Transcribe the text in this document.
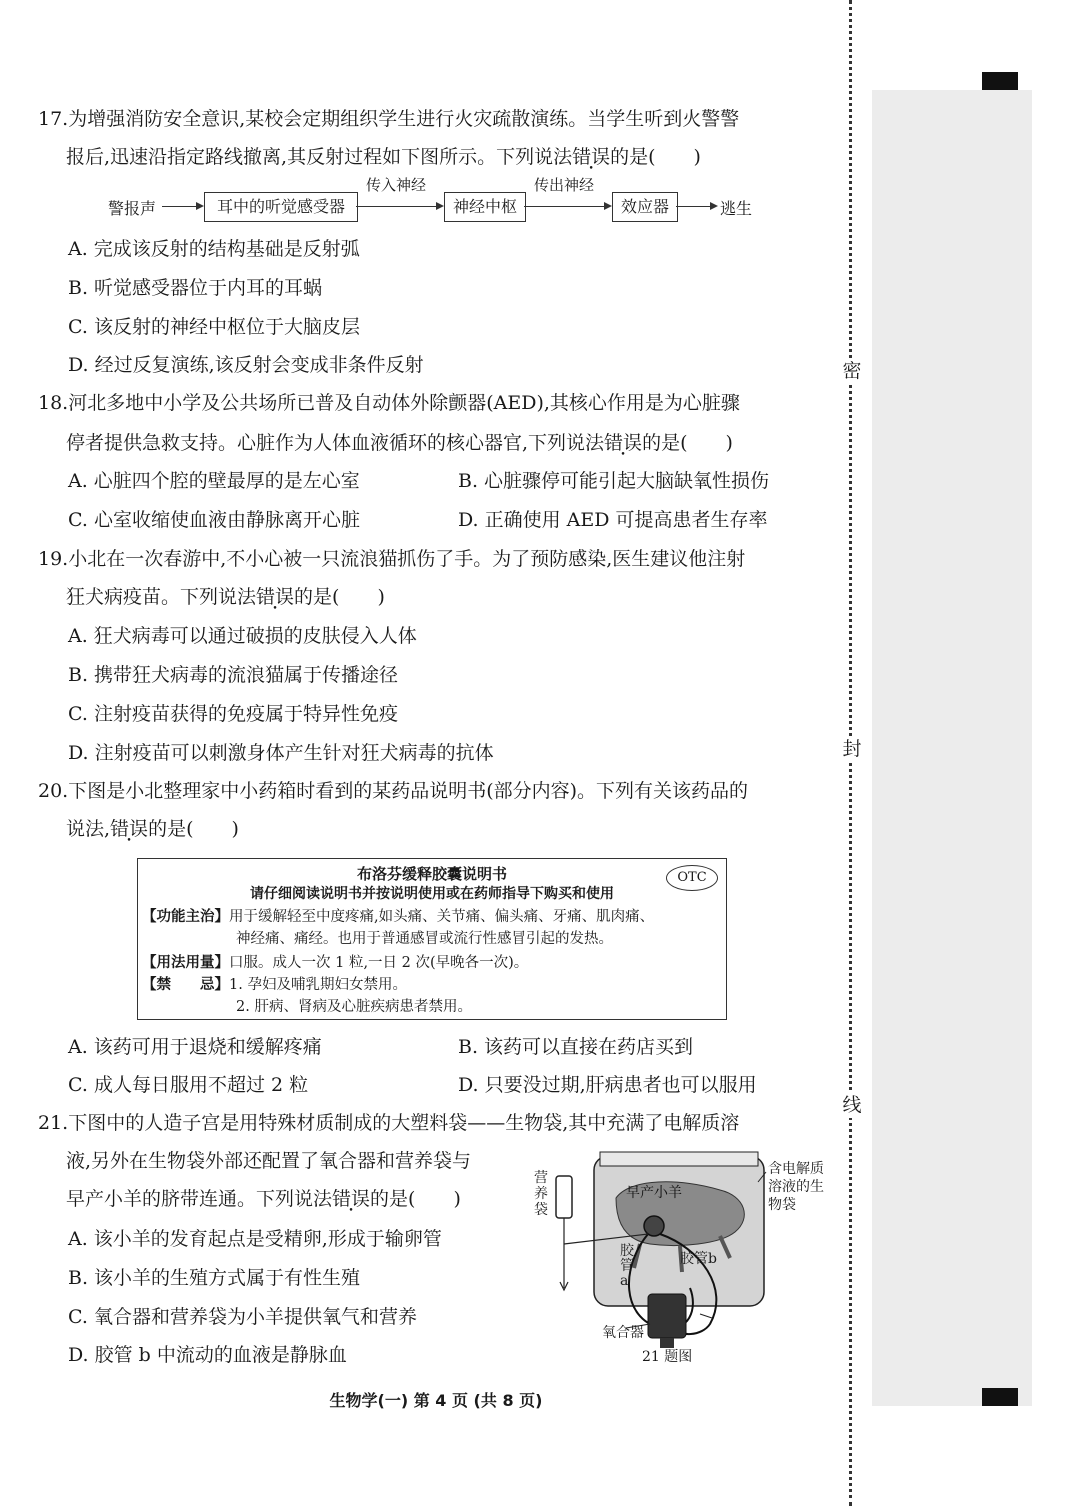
密
封
线
17.为增强消防安全意识,某校会定期组织学生进行火灾疏散演练。当学生听到火警警
报后,迅速沿指定路线撤离,其反射过程如下图所示。下列说法错误的是(　　)
警报声	耳中的听觉感受器
传入神经
神经中枢
传出神经
效应器	逃生
A. 完成该反射的结构基础是反射弧
B. 听觉感受器位于内耳的耳蜗
C. 该反射的神经中枢位于大脑皮层
D. 经过反复演练,该反射会变成非条件反射
18.河北多地中小学及公共场所已普及自动体外除颤器(AED),其核心作用是为心脏骤
停者提供急救支持。心脏作为人体血液循环的核心器官,下列说法错误的是(　　)
A. 心脏四个腔的壁最厚的是左心室	B. 心脏骤停可能引起大脑缺氧性损伤
C. 心室收缩使血液由静脉离开心脏	D. 正确使用 AED 可提高患者生存率
19.小北在一次春游中,不小心被一只流浪猫抓伤了手。为了预防感染,医生建议他注射
狂犬病疫苗。下列说法错误的是(　　)
A. 狂犬病毒可以通过破损的皮肤侵入人体
B. 携带狂犬病毒的流浪猫属于传播途径
C. 注射疫苗获得的免疫属于特异性免疫
D. 注射疫苗可以刺激身体产生针对狂犬病毒的抗体
20.下图是小北整理家中小药箱时看到的某药品说明书(部分内容)。下列有关该药品的
说法,错误的是(　　)
布洛芬缓释胶囊说明书
请仔细阅读说明书并按说明使用或在药师指导下购买和使用
OTC
【功能主治】用于缓解轻至中度疼痛,如头痛、关节痛、偏头痛、牙痛、肌肉痛、
神经痛、痛经。也用于普通感冒或流行性感冒引起的发热。
【用法用量】口服。成人一次 1 粒,一日 2 次(早晚各一次)。
【禁　　忌】1. 孕妇及哺乳期妇女禁用。
2. 肝病、肾病及心脏疾病患者禁用。
A. 该药可用于退烧和缓解疼痛	B. 该药可以直接在药店买到
C. 成人每日服用不超过 2 粒	D. 只要没过期,肝病患者也可以服用
21.下图中的人造子宫是用特殊材质制成的大塑料袋——生物袋,其中充满了电解质溶
液,另外在生物袋外部还配置了氧合器和营养袋与
早产小羊的脐带连通。下列说法错误的是(　　)
A. 该小羊的发育起点是受精卵,形成于输卵管
B. 该小羊的生殖方式属于有性生殖
C. 氧合器和营养袋为小羊提供氧气和营养
D. 胶管 b 中流动的血液是静脉血
营养袋
早产小羊
含电解质溶液的生物袋
胶管a
胶管b
氧合器
21 题图
生物学(一) 第 4 页 (共 8 页)
